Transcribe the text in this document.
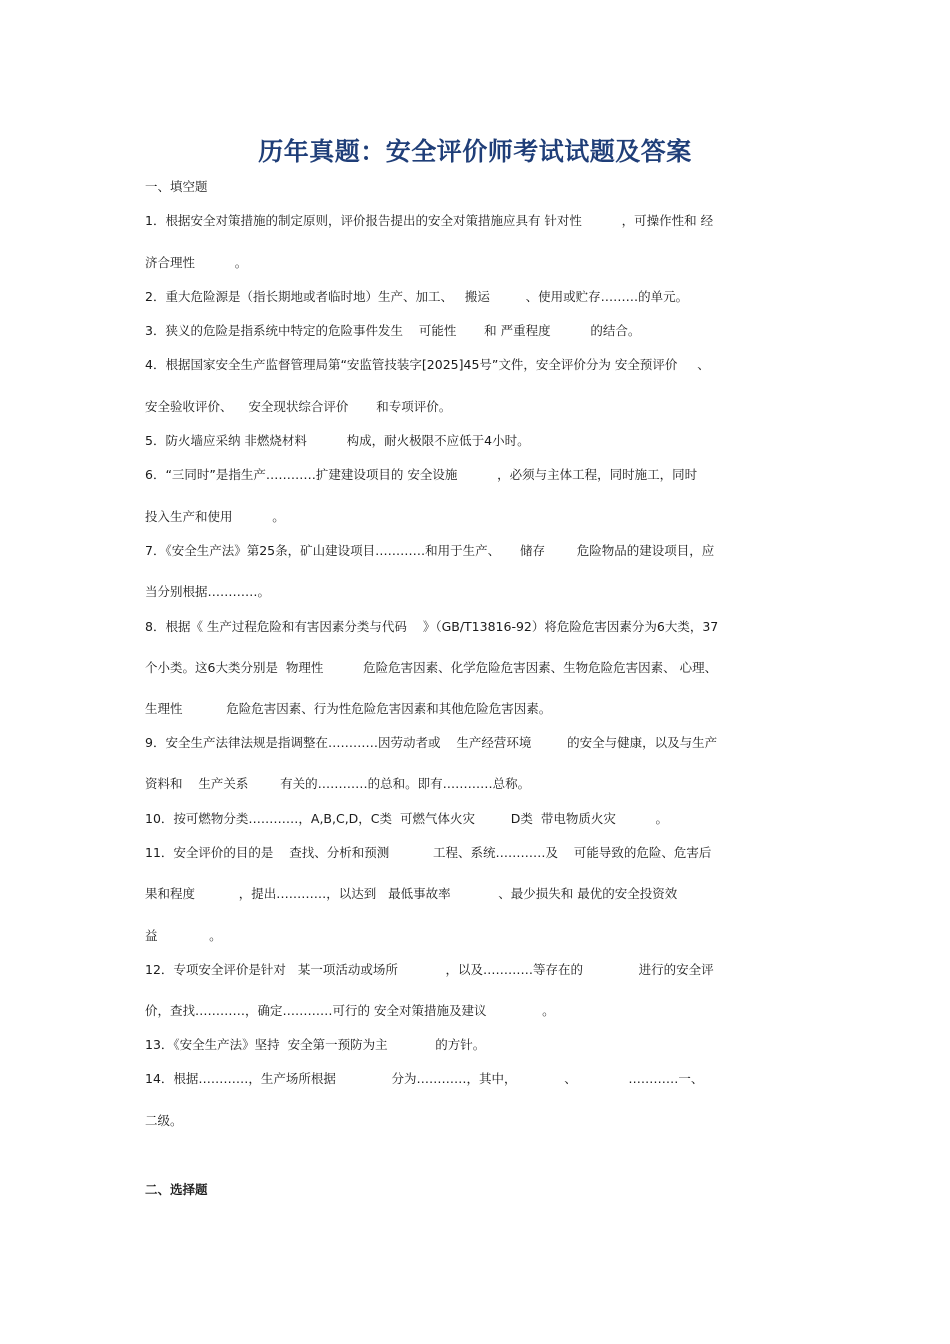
历年真题：安全评价师考试试题及答案
一、填空题
1．根据安全对策措施的制定原则，评价报告提出的安全对策措施应具有 针对性          ，可操作性和 经
济合理性          。
2．重大危险源是（指长期地或者临时地）生产、加工、   搬运         、使用或贮存………的单元。
3．狭义的危险是指系统中特定的危险事件发生    可能性       和 严重程度          的结合。
4．根据国家安全生产监督管理局第“安监管技装字[2025]45号”文件，安全评价分为 安全预评价     、
安全验收评价、    安全现状综合评价       和专项评价。
5．防火墙应采纳 非燃烧材料          构成，耐火极限不应低于4小时。
6．“三同时”是指生产…………扩建建设项目的 安全设施          ，必须与主体工程，同时施工，同时
投入生产和使用          。
7．《安全生产法》第25条，矿山建设项目…………和用于生产、     储存        危险物品的建设项目，应
当分别根据…………。
8．根据《 生产过程危险和有害因素分类与代码    》（GB/T13816-92）将危险危害因素分为6大类，37
个小类。这6大类分别是  物理性          危险危害因素、化学危险危害因素、生物危险危害因素、 心理、
生理性           危险危害因素、行为性危险危害因素和其他危险危害因素。
9．安全生产法律法规是指调整在…………因劳动者或    生产经营环境         的安全与健康，以及与生产
资料和    生产关系        有关的…………的总和。即有…………总称。
10．按可燃物分类…………，A,B,C,D，C类  可燃气体火灾         D类  带电物质火灾          。
11．安全评价的目的是    查找、分析和预测           工程、系统…………及    可能导致的危险、危害后
果和程度           ，提出…………，以达到   最低事故率            、最少损失和 最优的安全投资效
益             。
12．专项安全评价是针对   某一项活动或场所            ，以及…………等存在的              进行的安全评
价，查找…………，确定…………可行的 安全对策措施及建议              。
13．《安全生产法》坚持  安全第一预防为主            的方针。
14．根据…………，生产场所根据              分为…………，其中，            、             …………一、
二级。
二、选择题
